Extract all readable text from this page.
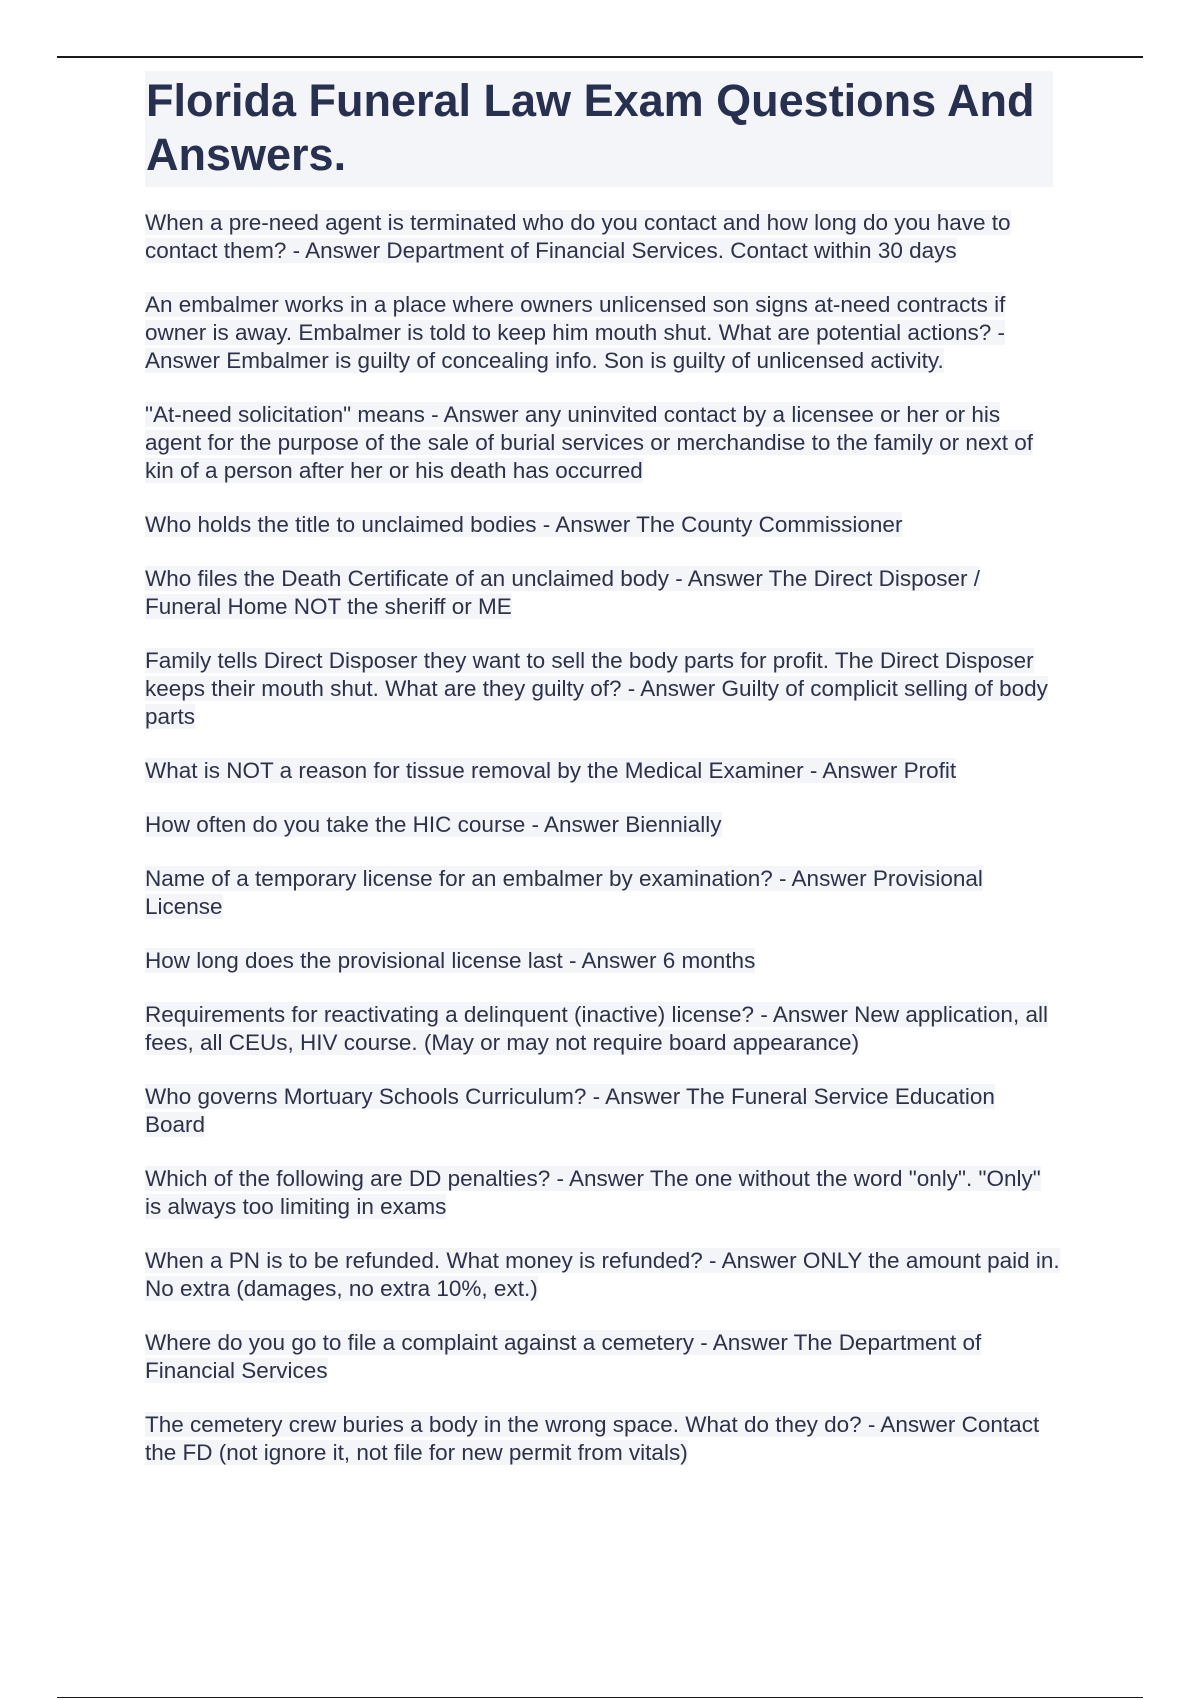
Florida Funeral Law Exam Questions And Answers.
When a pre-need agent is terminated who do you contact and how long do you have to contact them? - Answer Department of Financial Services. Contact within 30 days
An embalmer works in a place where owners unlicensed son signs at-need contracts if owner is away. Embalmer is told to keep him mouth shut. What are potential actions? - Answer Embalmer is guilty of concealing info. Son is guilty of unlicensed activity.
"At-need solicitation" means - Answer any uninvited contact by a licensee or her or his agent for the purpose of the sale of burial services or merchandise to the family or next of kin of a person after her or his death has occurred
Who holds the title to unclaimed bodies - Answer The County Commissioner
Who files the Death Certificate of an unclaimed body - Answer The Direct Disposer / Funeral Home NOT the sheriff or ME
Family tells Direct Disposer they want to sell the body parts for profit. The Direct Disposer keeps their mouth shut. What are they guilty of? - Answer Guilty of complicit selling of body parts
What is NOT a reason for tissue removal by the Medical Examiner - Answer Profit
How often do you take the HIC course - Answer Biennially
Name of a temporary license for an embalmer by examination? - Answer Provisional License
How long does the provisional license last - Answer 6 months
Requirements for reactivating a delinquent (inactive) license? - Answer New application, all fees, all CEUs, HIV course. (May or may not require board appearance)
Who governs Mortuary Schools Curriculum? - Answer The Funeral Service Education Board
Which of the following are DD penalties? - Answer The one without the word "only". "Only" is always too limiting in exams
When a PN is to be refunded. What money is refunded? - Answer ONLY the amount paid in. No extra (damages, no extra 10%, ext.)
Where do you go to file a complaint against a cemetery - Answer The Department of Financial Services
The cemetery crew buries a body in the wrong space. What do they do? - Answer Contact the FD (not ignore it, not file for new permit from vitals)
